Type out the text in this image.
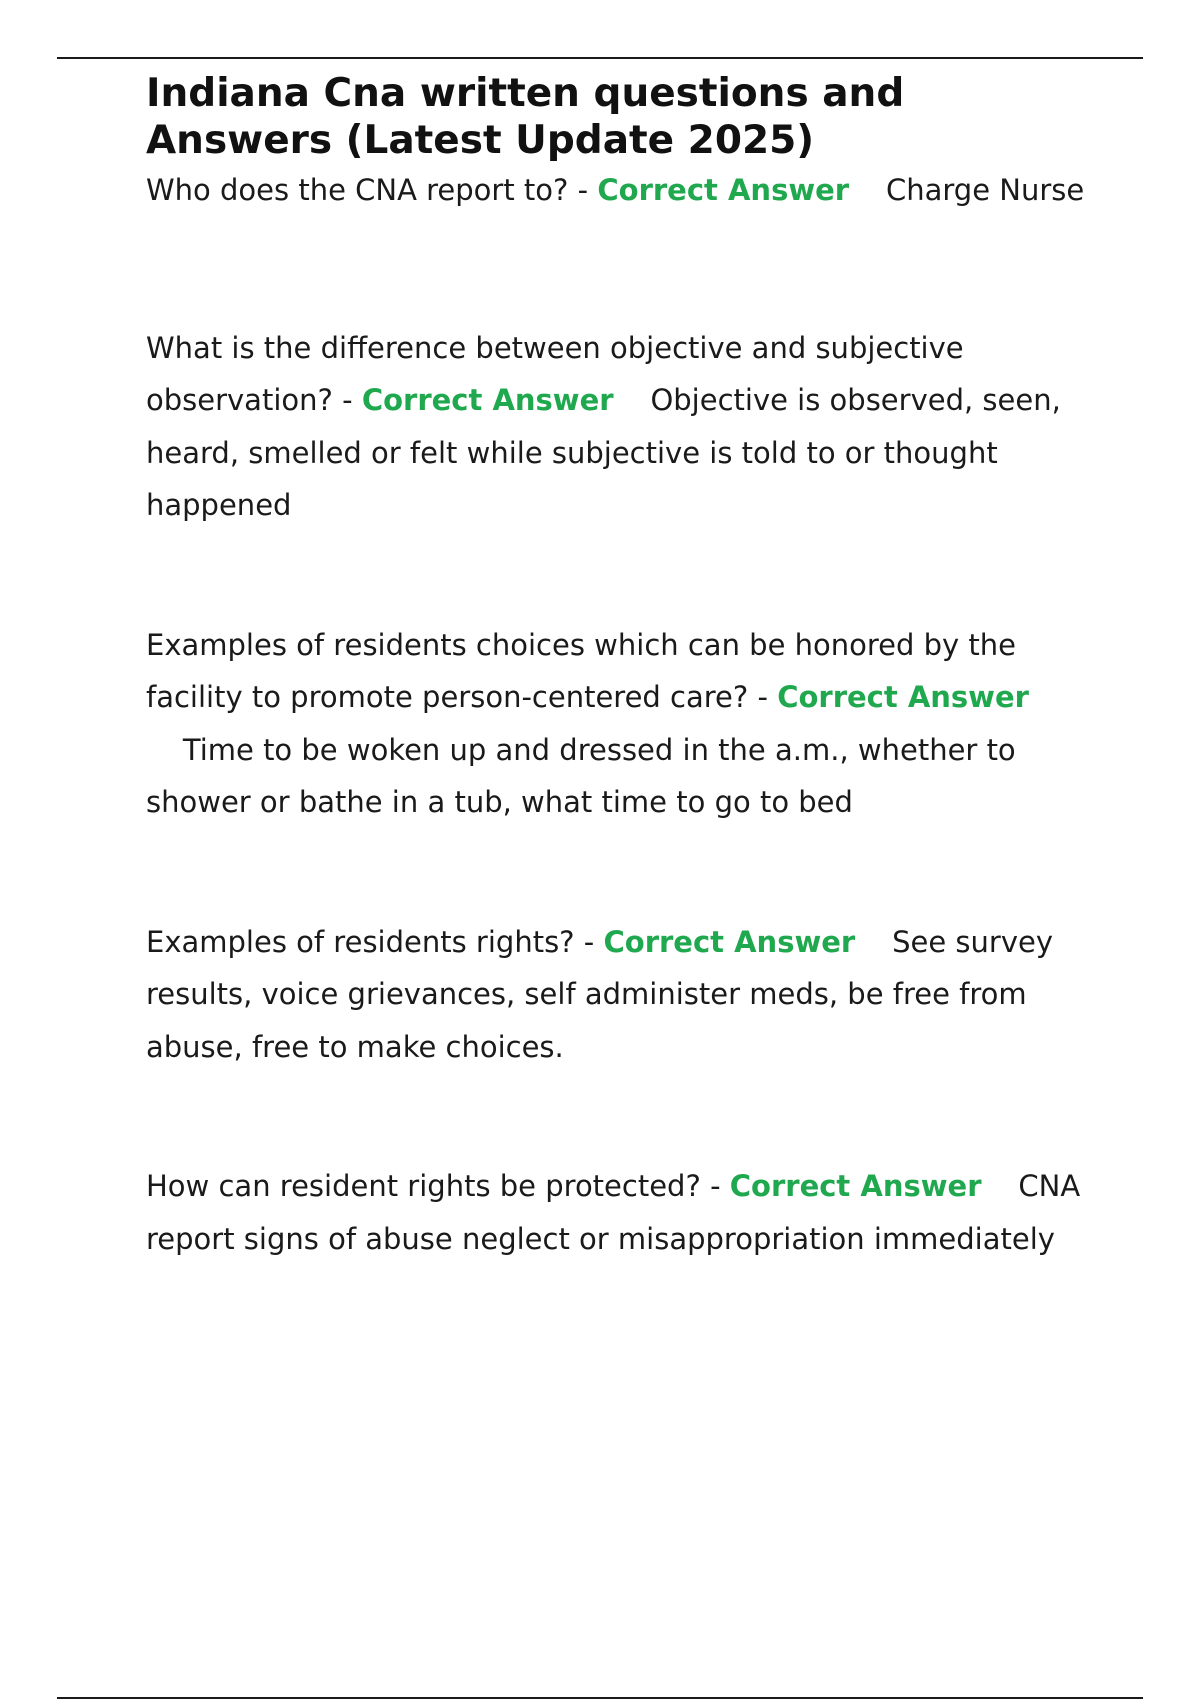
Indiana Cna written questions and Answers (Latest Update 2025)

Who does the CNA report to? - Correct Answer Charge Nurse

What is the difference between objective and subjective observation? - Correct Answer Objective is observed, seen, heard, smelled or felt while subjective is told to or thought happened

Examples of residents choices which can be honored by the facility to promote person-centered care? - Correct Answer    Time to be woken up and dressed in the a.m., whether to shower or bathe in a tub, what time to go to bed

Examples of residents rights? - Correct Answer See survey results, voice grievances, self administer meds, be free from abuse, free to make choices.

How can resident rights be protected? - Correct Answer CNA report signs of abuse neglect or misappropriation immediately
